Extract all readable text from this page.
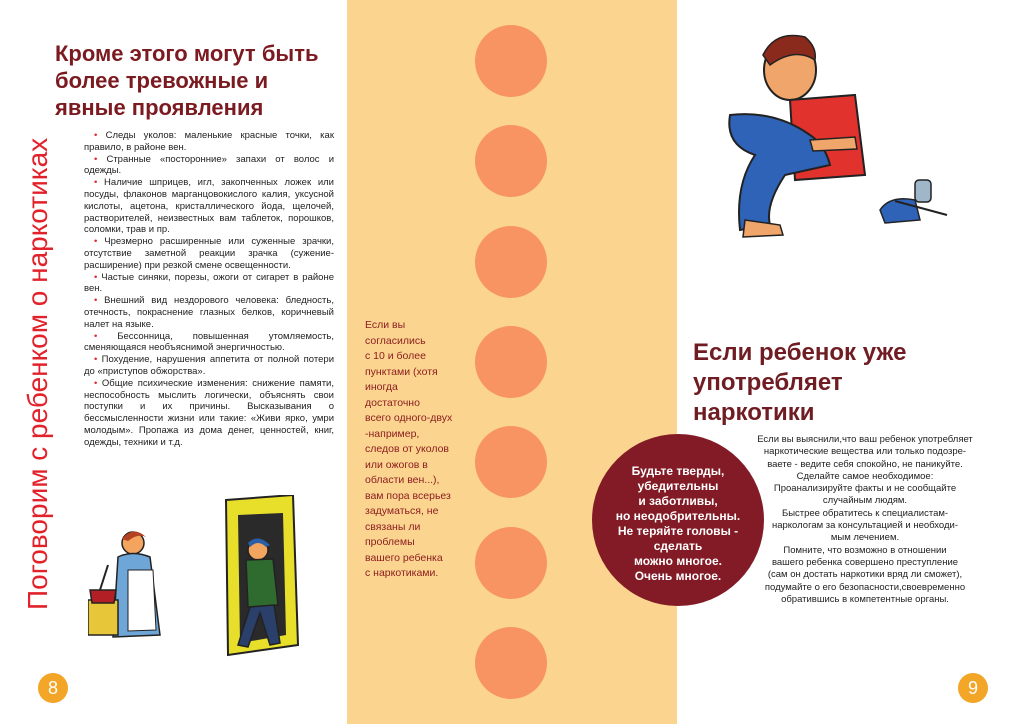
Поговорим с ребенком о наркотиках
Кроме этого могут быть
более тревожные и
явные проявления

• Следы уколов: маленькие красные точки, как правило, в районе вен.

• Странные «посторонние» запахи от волос и одежды.

• Наличие шприцев, игл, закопченных ложек или посуды, флаконов марганцовокислого калия, уксусной кислоты, ацетона, кристаллического йода, щелочей, растворителей, неизвестных вам таблеток, порошков, соломки, трав и пр.

• Чрезмерно расширенные или суженные зрачки, отсутствие заметной реакции зрачка (сужение-расширение) при резкой смене освещенности.

• Частые синяки, порезы, ожоги от сигарет в районе вен.

• Внешний вид нездорового человека: бледность, отечность, покраснение глазных белков, коричневый налет на языке.

• Бессонница, повышенная утомляемость, сменяющаяся необъяснимой энергичностью.

• Похудение, нарушения аппетита от полной потери до «приступов обжорства».

• Общие психические изменения: снижение памяти, неспособность мыслить логически, объяснять свои поступки и их причины. Высказывания о бессмысленности жизни или такие: «Живи ярко, умри молодым». Пропажа из дома денег, ценностей, книг, одежды, техники и т.д.

8
Если вы
согласились
с 10 и более
пунктами (хотя
иногда
достаточно
всего одного-двух
-например,
следов от уколов
или ожогов в
области вен...),
вам пора всерьез
задуматься, не
связаны ли
проблемы
вашего ребенка
с наркотиками.
Будьте тверды,
убедительны
и заботливы,
но неодобрительны.
Не теряйте головы -
сделать
можно многое.
Очень многое.
Если ребенок уже
употребляет
наркотики
Если вы выяснили,что ваш ребенок употребляет
наркотические вещества или только подозре-
ваете - ведите себя спокойно, не паникуйте.
Сделайте самое необходимое:
Проанализируйте факты и не сообщайте
случайным людям.
Быстрее обратитесь к специалистам-
наркологам за консультацией и необходи-
мым лечением.
Помните, что возможно в отношении
вашего ребенка совершено преступление
(сам он достать наркотики вряд ли сможет),
подумайте о его безопасности,своевременно
обратившись в компетентные органы.
9
